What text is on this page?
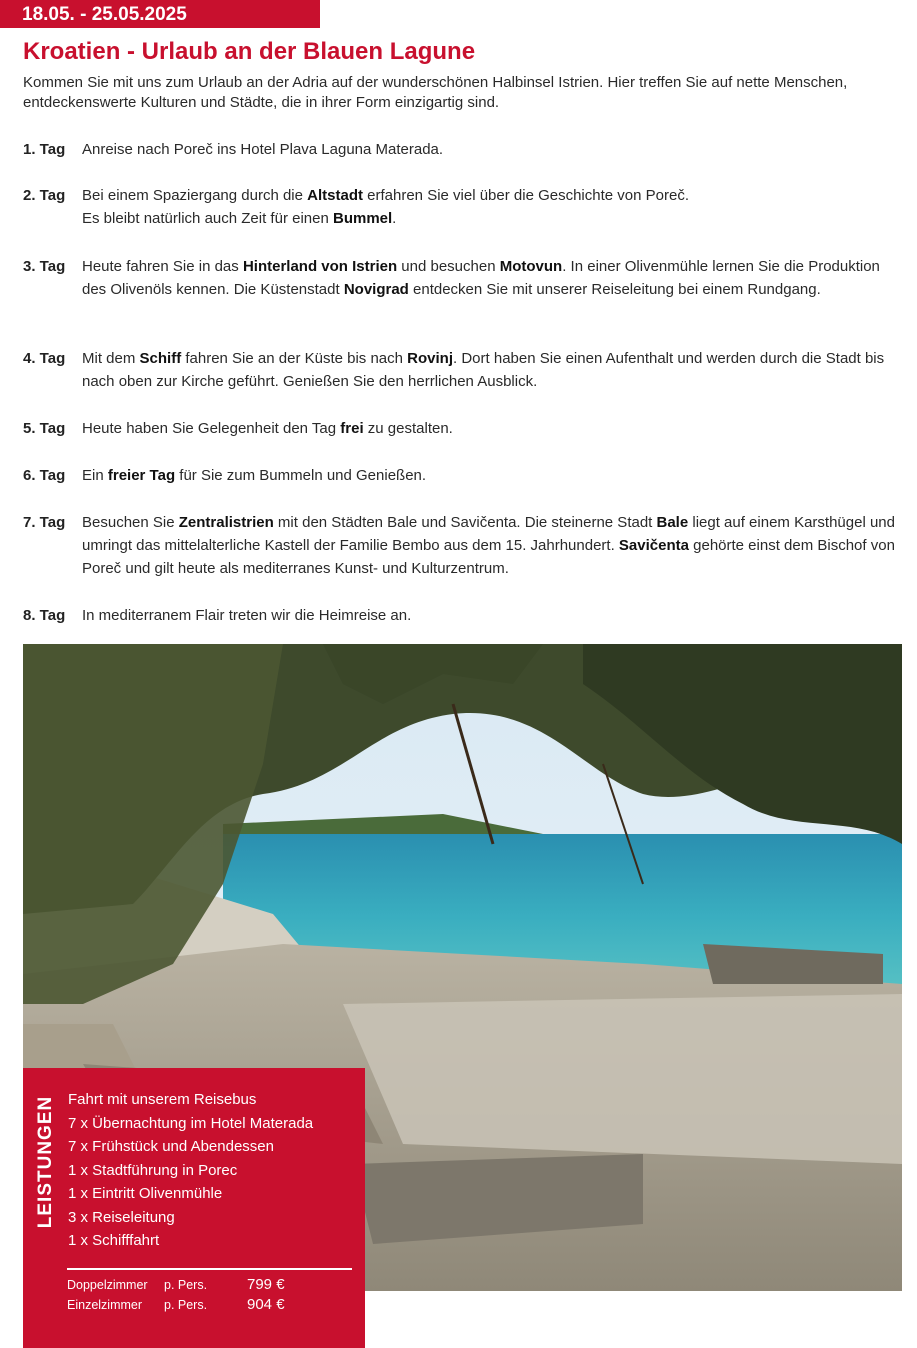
18.05. - 25.05.2025
Kroatien - Urlaub an der Blauen Lagune

Kommen Sie mit uns zum Urlaub an der Adria auf der wunderschönen Halbinsel Istrien. Hier treffen Sie auf nette Menschen, entdeckenswerte Kulturen und Städte, die in ihrer Form einzigartig sind.

1. Tag Anreise nach Poreč ins Hotel Plava Laguna Materada.
2. Tag Bei einem Spaziergang durch die Altstadt erfahren Sie viel über die Geschichte von Poreč.
Es bleibt natürlich auch Zeit für einen Bummel.
3. Tag Heute fahren Sie in das Hinterland von Istrien und besuchen Motovun. In einer Olivenmühle lernen Sie die Produktion des Olivenöls kennen. Die Küstenstadt Novigrad entdecken Sie mit unserer Reiseleitung bei einem Rundgang.
4. Tag Mit dem Schiff fahren Sie an der Küste bis nach Rovinj. Dort haben Sie einen Aufenthalt und werden durch die Stadt bis nach oben zur Kirche geführt. Genießen Sie den herrlichen Ausblick.
5. Tag Heute haben Sie Gelegenheit den Tag frei zu gestalten.
6. Tag Ein freier Tag für Sie zum Bummeln und Genießen.
7. Tag Besuchen Sie Zentralistrien mit den Städten Bale und Savičenta. Die steinerne Stadt Bale liegt auf einem Karsthügel und umringt das mittelalterliche Kastell der Familie Bembo aus dem 15. Jahrhundert. Savičenta gehörte einst dem Bischof von Poreč und gilt heute als mediterranes Kunst- und Kulturzentrum.
8. Tag In mediterranem Flair treten wir die Heimreise an.
LEISTUNGEN Fahrt mit unserem Reisebus
7 x Übernachtung im Hotel Materada
7 x Frühstück und Abendessen
1 x Stadtführung in Porec
1 x Eintritt Olivenmühle
3 x Reiseleitung
1 x Schifffahrt
Doppelzimmer p. Pers.	799 €
Einzelzimmer p. Pers.	904 €
